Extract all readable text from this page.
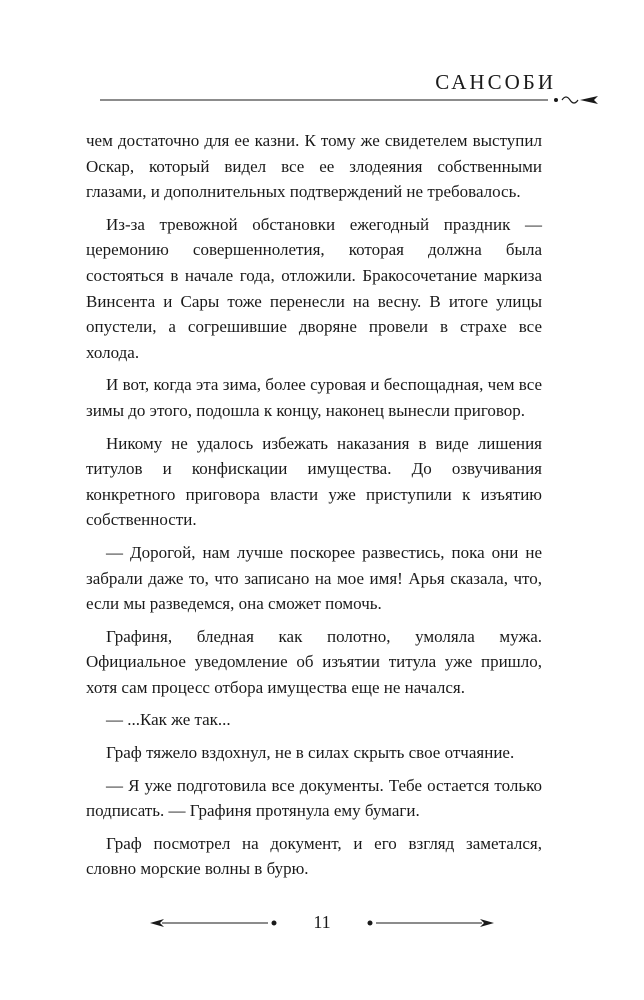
САНСОБИ

чем достаточно для ее казни. К тому же свидетелем выступил Оскар, который видел все ее злодеяния собственными глазами, и дополнительных подтверждений не требовалось.

Из-за тревожной обстановки ежегодный праздник — церемонию совершеннолетия, которая должна была состояться в начале года, отложили. Бракосочетание маркиза Винсента и Сары тоже перенесли на весну. В итоге улицы опустели, а согрешившие дворяне провели в страхе все холода.

И вот, когда эта зима, более суровая и беспощадная, чем все зимы до этого, подошла к концу, наконец вынесли приговор.

Никому не удалось избежать наказания в виде лишения титулов и конфискации имущества. До озвучивания конкретного приговора власти уже приступили к изъятию собственности.

— Дорогой, нам лучше поскорее развестись, пока они не забрали даже то, что записано на мое имя! Арья сказала, что, если мы разведемся, она сможет помочь.

Графиня, бледная как полотно, умоляла мужа. Официальное уведомление об изъятии титула уже пришло, хотя сам процесс отбора имущества еще не начался.

— ...Как же так...

Граф тяжело вздохнул, не в силах скрыть свое отчаяние.

— Я уже подготовила все документы. Тебе остается только подписать. — Графиня протянула ему бумаги.

Граф посмотрел на документ, и его взгляд заметался, словно морские волны в бурю.

11
